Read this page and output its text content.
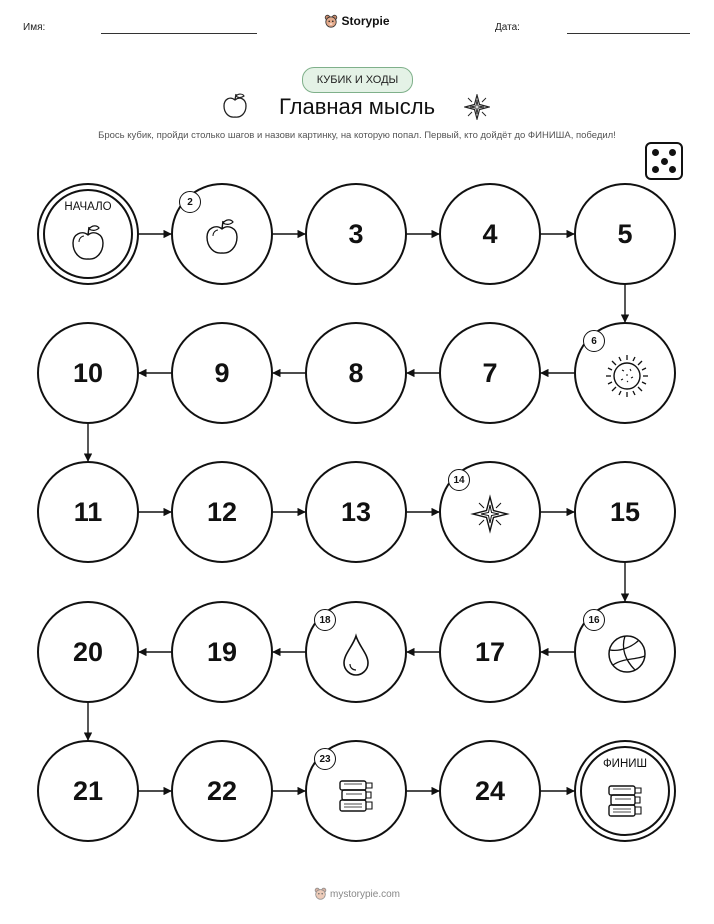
Имя:	Storypie	Дата:
КУБИК И ХОДЫ
Главная мысль
Брось кубик, пройди столько шагов и назови картинку, на которую попал. Первый, кто дойдёт до ФИНИША, победил!
НАЧАЛО
ФИНИШ
2
3	4	5
6
7
8
9
10
11	12	13
14
15
16
17
18
19
20
21	22
23
24
mystorypie.com
